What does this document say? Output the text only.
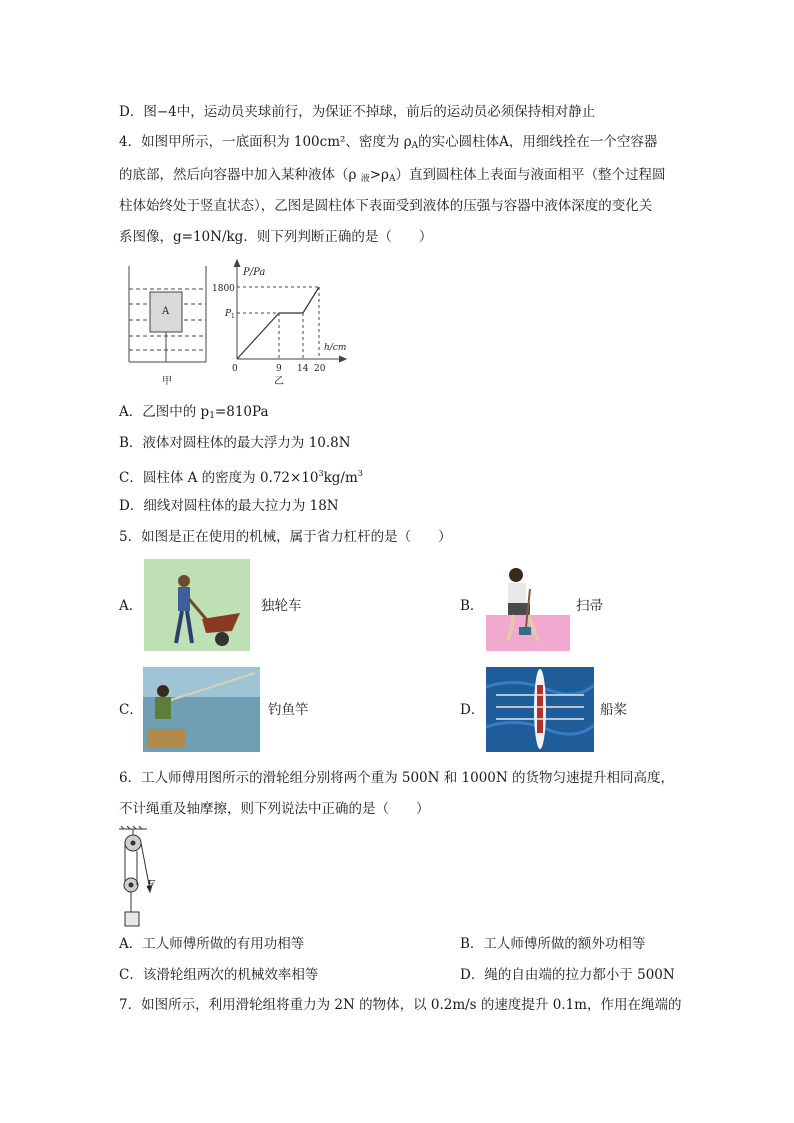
D．图−4中，运动员夹球前行，为保证不掉球，前后的运动员必须保持相对静止
4．如图甲所示，一底面积为 100cm²、密度为 $\rho_A$的实心圆柱体A，用细线拴在一个空容器
的底部，然后向容器中加入某种液体（ρ $_液>\rho_A$）直到圆柱体上表面与液面相平（整个过程圆
柱体始终处于竖直状态），乙图是圆柱体下表面受到液体的压强与容器中液体深度的变化关
系图像，g=10N/kg．则下列判断正确的是（　　）
A
甲
P/Pa
h/cm
1800
P 1
0	9 14 20
乙
A．乙图中的 $p_1=810Pa$
B．液体对圆柱体的最大浮力为 10.8N
C．圆柱体 A 的密度为 $0.72\times 10^3kg/m^3$
D．细线对圆柱体的最大拉力为 18N
5．如图是正在使用的机械，属于省力杠杆的是（　　）
A．	独轮车	B．	扫帚
C．	钓鱼竿	D．	船桨
6．工人师傅用图所示的滑轮组分别将两个重为 500N 和 1000N 的货物匀速提升相同高度，
不计绳重及轴摩擦，则下列说法中正确的是（　　）
F
A．工人师傅所做的有用功相等	B．工人师傅所做的额外功相等
C．该滑轮组两次的机械效率相等	D．绳的自由端的拉力都小于 500N
7．如图所示，利用滑轮组将重力为 2N 的物体，以 0.2m/s 的速度提升 0.1m，作用在绳端的
